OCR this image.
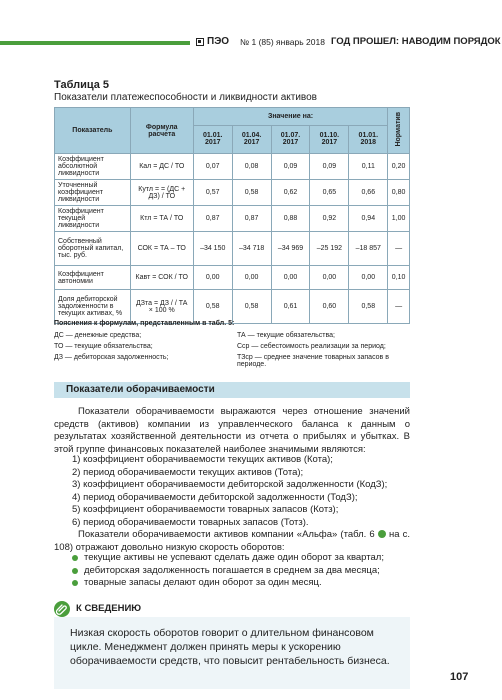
ПЭО № 1 (85) январь 2018 ГОД ПРОШЕЛ: НАВОДИМ ПОРЯДОК
Таблица 5
Показатели платежеспособности и ликвидности активов
Показатель	Формула расчета	Значение на:					Норматив
		01.01. 2017	01.04. 2017	01.07. 2017	01.10. 2017	01.01. 2018	
Коэффициент абсолютной ликвидности	Кал = ДС / ТО	0,07	0,08	0,09	0,09	0,11	0,20
Уточненный коэффициент ликвидности	Кутл = = (ДС + ДЗ) / ТО	0,57	0,58	0,62	0,65	0,66	0,80
Коэффициент текущей ликвидности	Ктл = ТА / ТО	0,87	0,87	0,88	0,92	0,94	1,00
Собственный оборотный капитал, тыс. руб.	СОК = ТА – ТО	–34 150	–34 718	–34 969	–25 192	–18 857	—
Коэффициент автономии	Кавт = СОК / ТО	0,00	0,00	0,00	0,00	0,00	0,10
Доля дебиторской задолженности в текущих активах, %	ДЗта = ДЗ / / ТА × 100 %	0,58	0,58	0,61	0,60	0,58	—
Пояснения к формулам, представленным в табл. 5:
ДС — денежные средства;	ТА — текущие обязательства;
ТО — текущие обязательства;	Сср — себестоимость реализации за период;
ДЗ — дебиторская задолженность;	ТЗср — среднее значение товарных запасов в периоде.
Показатели оборачиваемости
Показатели оборачиваемости выражаются через отношение значений средств (активов) компании из управленческого баланса к данным о результатах хозяйственной деятельности из отчета о прибылях и убытках. В этой группе финансовых показателей наиболее значимыми являются:
1) коэффициент оборачиваемости текущих активов (Кота);
2) период оборачиваемости текущих активов (Тота);
3) коэффициент оборачиваемости дебиторской задолженности (КодЗ);
4) период оборачиваемости дебиторской задолженности (ТодЗ);
5) коэффициент оборачиваемости товарных запасов (Котз);
6) период оборачиваемости товарных запасов (Тотз).
Показатели оборачиваемости активов компании «Альфа» (табл. 6  на с. 108) отражают довольно низкую скорость оборотов:
текущие активы не успевают сделать даже один оборот за квартал;
дебиторская задолженность погашается в среднем за два месяца;
товарные запасы делают один оборот за один месяц.
К СВЕДЕНИЮ
Низкая скорость оборотов говорит о длительном финансовом цикле. Менеджмент должен принять меры к ускорению оборачиваемости средств, что повысит рентабельность бизнеса.
107
